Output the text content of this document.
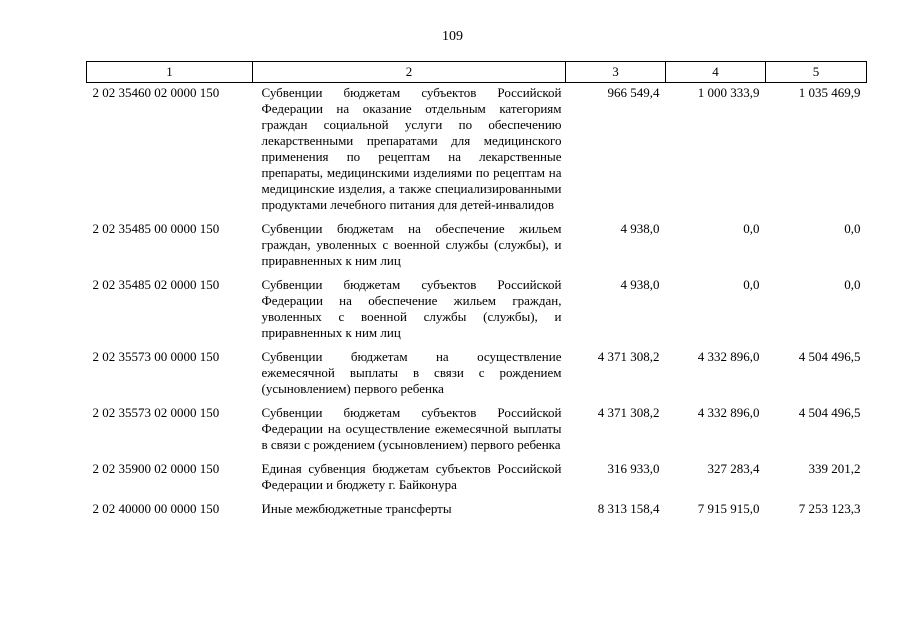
109
1	2	3	4	5
2 02 35460 02 0000 150	Субвенции бюджетам субъектов Российской Федерации на оказание отдельным категориям граждан социальной услуги по обеспечению лекарственными препаратами для медицинского применения по рецептам на лекарственные препараты, медицинскими изделиями по рецептам на медицинские изделия, а также специализированными продуктами лечебного питания для детей-инвалидов	966 549,4	1 000 333,9	1 035 469,9
2 02 35485 00 0000 150	Субвенции бюджетам на обеспечение жильем граждан, уволенных с военной службы (службы), и приравненных к ним лиц	4 938,0	0,0	0,0
2 02 35485 02 0000 150	Субвенции бюджетам субъектов Российской Федерации на обеспечение жильем граждан, уволенных с военной службы (службы), и приравненных к ним лиц	4 938,0	0,0	0,0
2 02 35573 00 0000 150	Субвенции бюджетам на осуществление ежемесячной выплаты в связи с рождением (усыновлением) первого ребенка	4 371 308,2	4 332 896,0	4 504 496,5
2 02 35573 02 0000 150	Субвенции бюджетам субъектов Российской Федерации на осуществление ежемесячной выплаты в связи с рождением (усыновлением) первого ребенка	4 371 308,2	4 332 896,0	4 504 496,5
2 02 35900 02 0000 150	Единая субвенция бюджетам субъектов Российской Федерации и бюджету г. Байконура	316 933,0	327 283,4	339 201,2
2 02 40000 00 0000 150	Иные межбюджетные трансферты	8 313 158,4	7 915 915,0	7 253 123,3
